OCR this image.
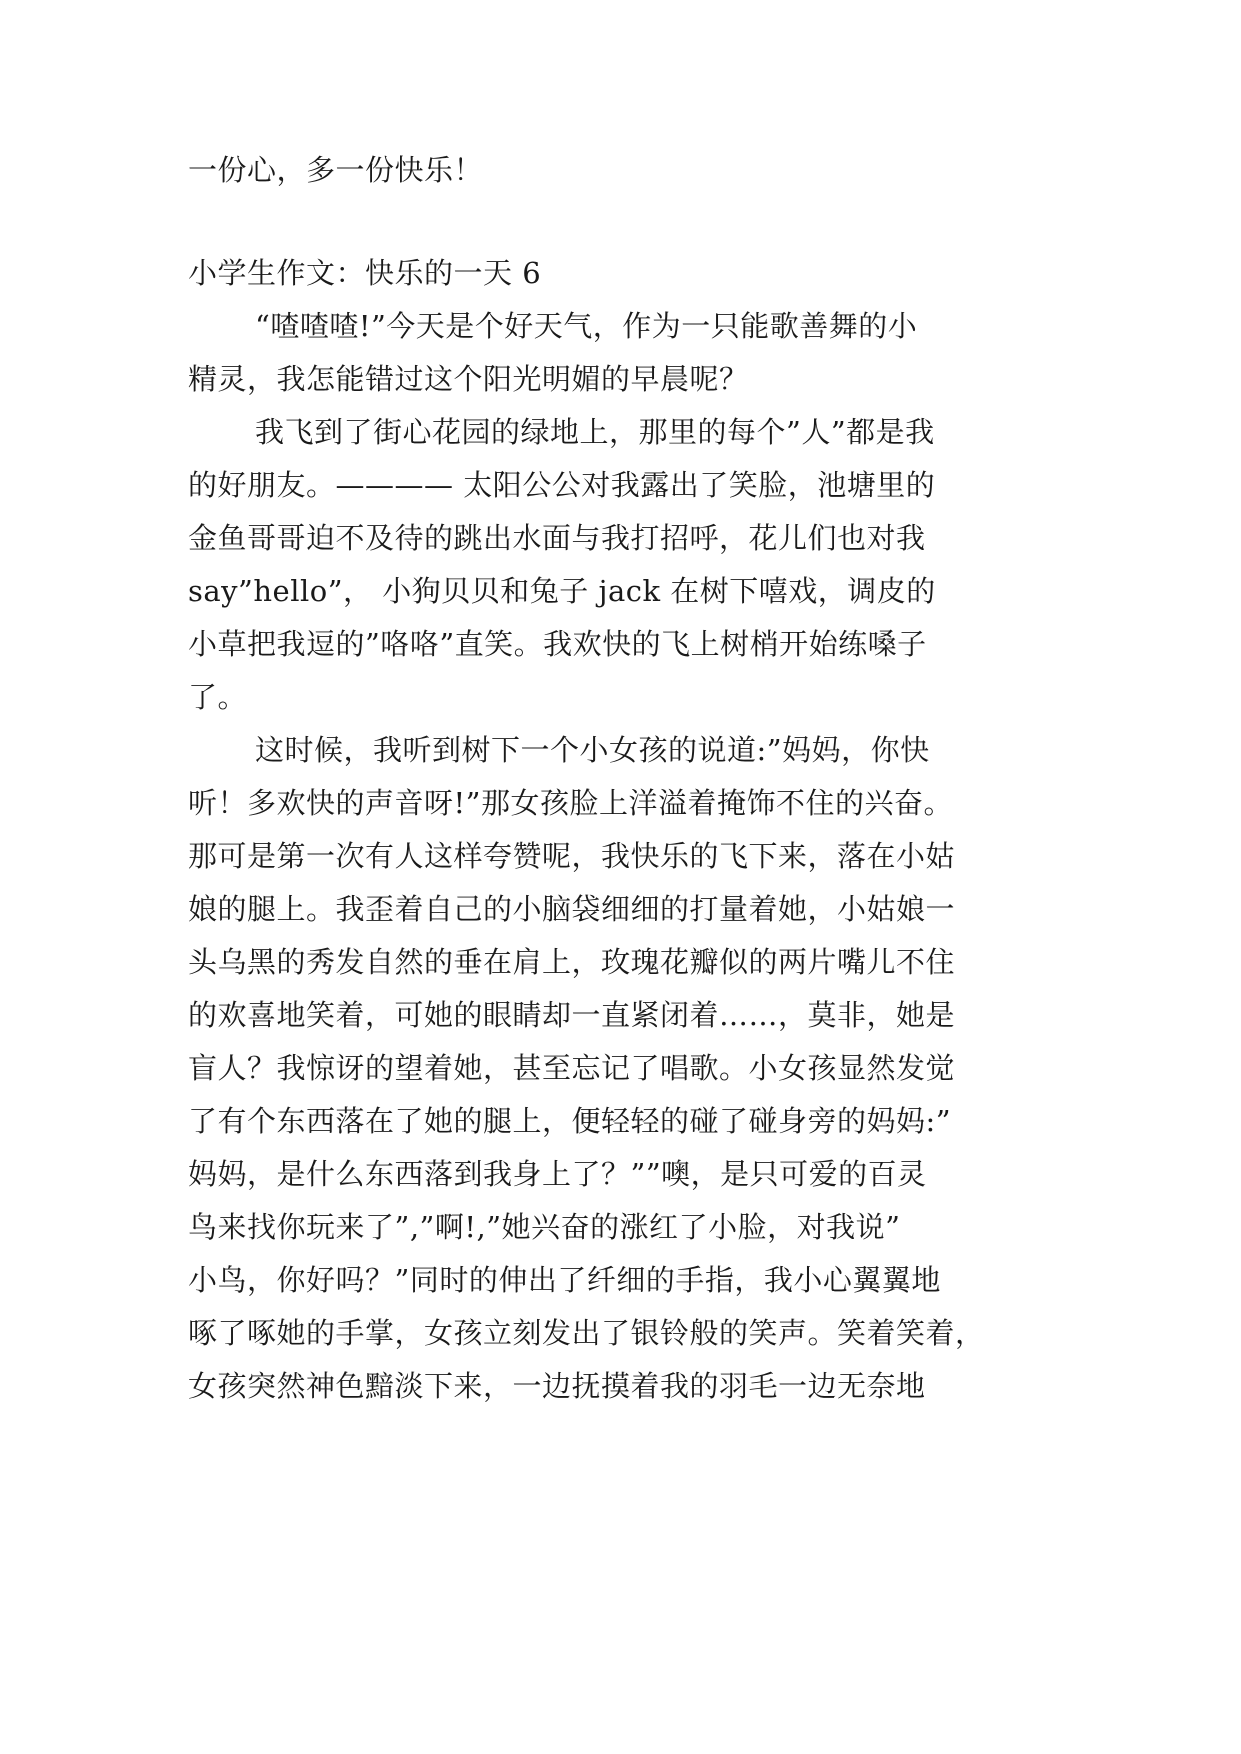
一份心，多一份快乐！
小学生作文：快乐的一天 6
“喳喳喳!”今天是个好天气，作为一只能歌善舞的小
精灵，我怎能错过这个阳光明媚的早晨呢？
我飞到了街心花园的绿地上，那里的每个”人”都是我
的好朋友。———— 太阳公公对我露出了笑脸，池塘里的
金鱼哥哥迫不及待的跳出水面与我打招呼，花儿们也对我
say”hello”， 小狗贝贝和兔子 jack 在树下嘻戏，调皮的
小草把我逗的”咯咯”直笑。我欢快的飞上树梢开始练嗓子
了。
这时候，我听到树下一个小女孩的说道:”妈妈，你快
听！多欢快的声音呀!”那女孩脸上洋溢着掩饰不住的兴奋。
那可是第一次有人这样夸赞呢，我快乐的飞下来，落在小姑
娘的腿上。我歪着自己的小脑袋细细的打量着她，小姑娘一
头乌黑的秀发自然的垂在肩上，玫瑰花瓣似的两片嘴儿不住
的欢喜地笑着，可她的眼睛却一直紧闭着……，莫非，她是
盲人？我惊讶的望着她，甚至忘记了唱歌。小女孩显然发觉
了有个东西落在了她的腿上，便轻轻的碰了碰身旁的妈妈:”
妈妈，是什么东西落到我身上了？””噢，是只可爱的百灵
鸟来找你玩来了”,”啊!,”她兴奋的涨红了小脸，对我说”
小鸟，你好吗？”同时的伸出了纤细的手指，我小心翼翼地
啄了啄她的手掌，女孩立刻发出了银铃般的笑声。笑着笑着，
女孩突然神色黯淡下来，一边抚摸着我的羽毛一边无奈地
